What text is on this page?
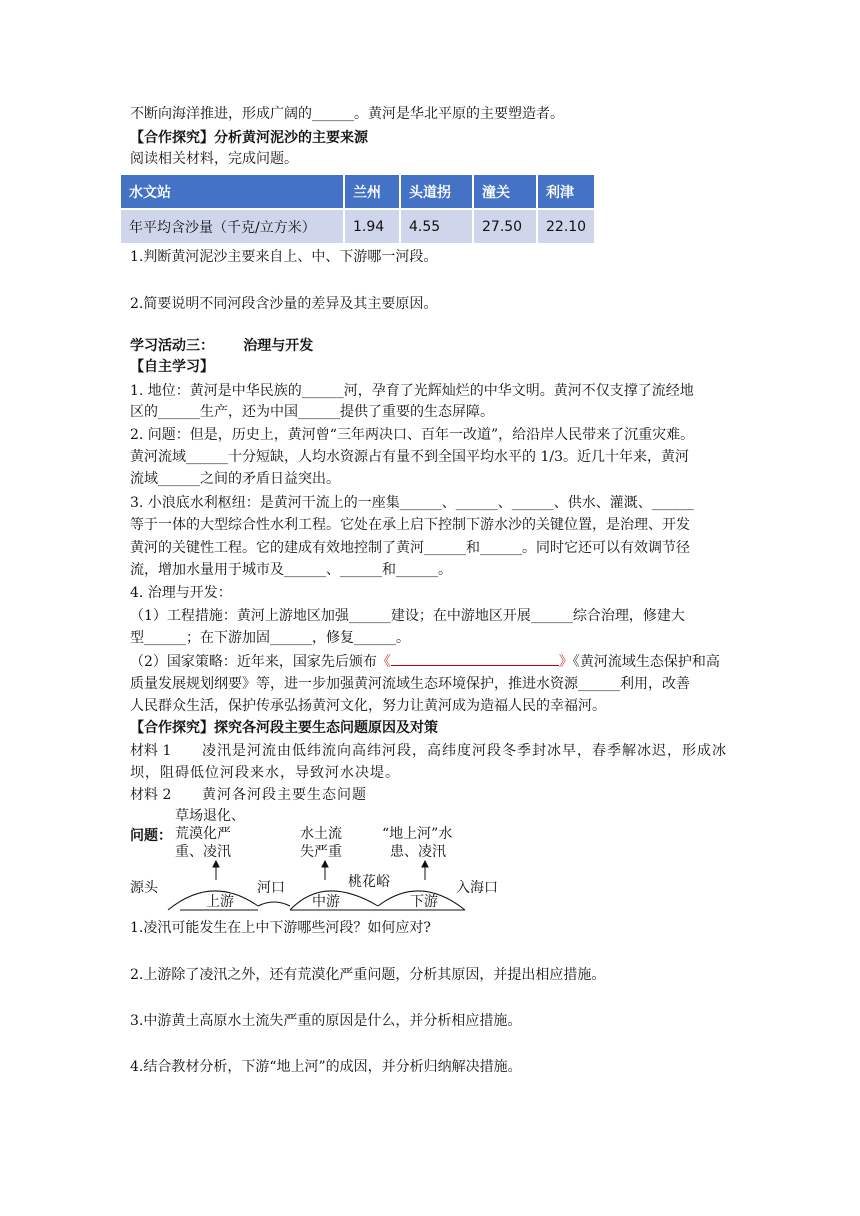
不断向海洋推进，形成广阔的______。黄河是华北平原的主要塑造者。
【合作探究】分析黄河泥沙的主要来源
阅读相关材料，完成问题。
水文站	兰州	头道拐	潼关	利津
年平均含沙量（千克/立方米）	1.94	4.55	27.50	22.10
1.判断黄河泥沙主要来自上、中、下游哪一河段。
2.简要说明不同河段含沙量的差异及其主要原因。
学习活动三：      治理与开发
【自主学习】
1. 地位：黄河是中华民族的______河，孕育了光辉灿烂的中华文明。黄河不仅支撑了流经地
区的______生产，还为中国______提供了重要的生态屏障。
2. 问题：但是，历史上，黄河曾“三年两决口、百年一改道”，给沿岸人民带来了沉重灾难。
黄河流域______十分短缺，人均水资源占有量不到全国平均水平的 1/3。近几十年来，黄河
流域______之间的矛盾日益突出。
3. 小浪底水利枢纽：是黄河干流上的一座集______、______、______、供水、灌溉、______
等于一体的大型综合性水利工程。它处在承上启下控制下游水沙的关键位置，是治理、开发
黄河的关键性工程。它的建成有效地控制了黄河______和______。同时它还可以有效调节径
流，增加水量用于城市及______、______和______。
4. 治理与开发：
（1）工程措施：黄河上游地区加强______建设；在中游地区开展______综合治理，修建大
型______；在下游加固______，修复______。
（2）国家策略：近年来，国家先后颁布《	》《黄河流域生态保护和高
质量发展规划纲要》等，进一步加强黄河流域生态环境保护，推进水资源______利用，改善
人民群众生活，保护传承弘扬黄河文化，努力让黄河成为造福人民的幸福河。
【合作探究】探究各河段主要生态问题原因及对策
材料 1 凌汛是河流由低纬流向高纬河段，高纬度河段冬季封冰早，春季解冰迟，形成冰
坝，阻碍低位河段来水，导致河水决堤。
材料 2 黄河各河段主要生态问题
问题：
草场退化、
荒漠化严
重、凌汛
水土流
失严重
“地上河”水
患、凌汛
源头	河口	桃花峪	入海口
上游	中游	下游
1.凌汛可能发生在上中下游哪些河段？如何应对?
2.上游除了凌汛之外，还有荒漠化严重问题，分析其原因，并提出相应措施。
3.中游黄土高原水土流失严重的原因是什么，并分析相应措施。
4.结合教材分析，下游“地上河”的成因，并分析归纳解决措施。
